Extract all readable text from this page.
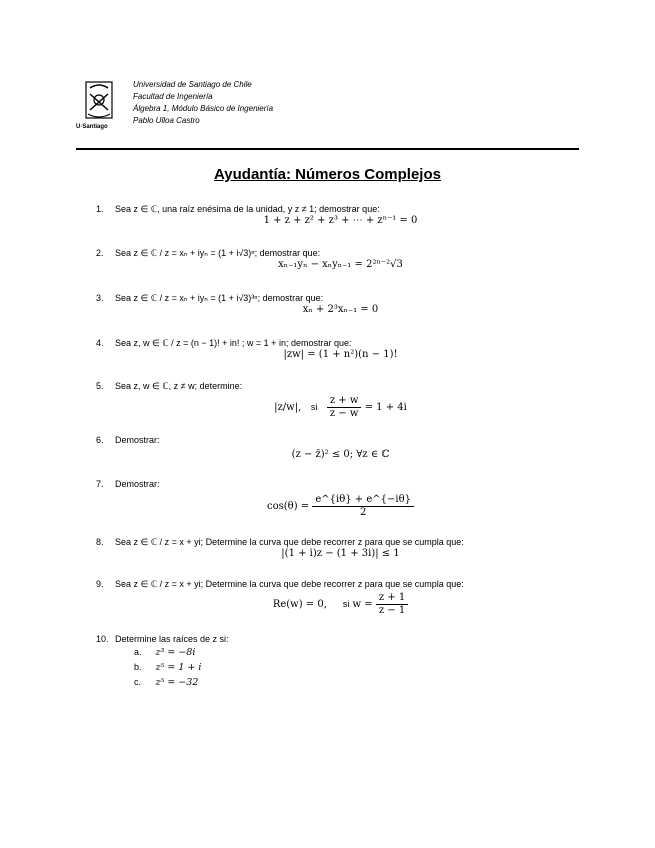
U·Santiago
Universidad de Santiago de Chile
Facultad de Ingeniería
Álgebra 1, Módulo Básico de Ingeniería
Pablo Ulloa Castro
Ayudantía: Números Complejos
1. Sea z ∈ ℂ, una raíz enésima de la unidad, y z ≠ 1; demostrar que:
1 + z + z² + z³ + ⋯ + zⁿ⁻¹ = 0
2. Sea z ∈ ℂ / z = xₙ + iyₙ = (1 + i√3)ⁿ; demostrar que:
xₙ₋₁yₙ − xₙyₙ₋₁ = 2²ⁿ⁻²√3
3. Sea z ∈ ℂ / z = xₙ + iyₙ = (1 + i√3)³ⁿ; demostrar que:
xₙ + 2³xₙ₋₁ = 0
4. Sea z, w ∈ ℂ / z = (n − 1)! + in! ; w = 1 + in; demostrar que:
|zw| = (1 + n²)(n − 1)!
5. Sea z, w ∈ ℂ, z ≠ w; determine:
|z/w|, si $\frac{z + w}{z - w} = 1 + 4i$
6. Demostrar:
(z − z̄)² ≤ 0; ∀z ∈ ℂ
7. Demostrar:
$\cos(\theta) = \frac{e\^{}\{i\theta\} + e\^{}\{-i\theta\}}{2}$
8. Sea z ∈ ℂ / z = x + yi; Determine la curva que debe recorrer z para que se cumpla que:
|(1 + i)z − (1 + 3i)| ≤ 1
9. Sea z ∈ ℂ / z = x + yi; Determine la curva que debe recorrer z para que se cumpla que:
Re(w) = 0, si $w = \frac{z + 1}{z - 1}$
10. Determine las raíces de z si:
a. z³ = −8i
b. z⁵ = 1 + i
c. z⁵ = −32
